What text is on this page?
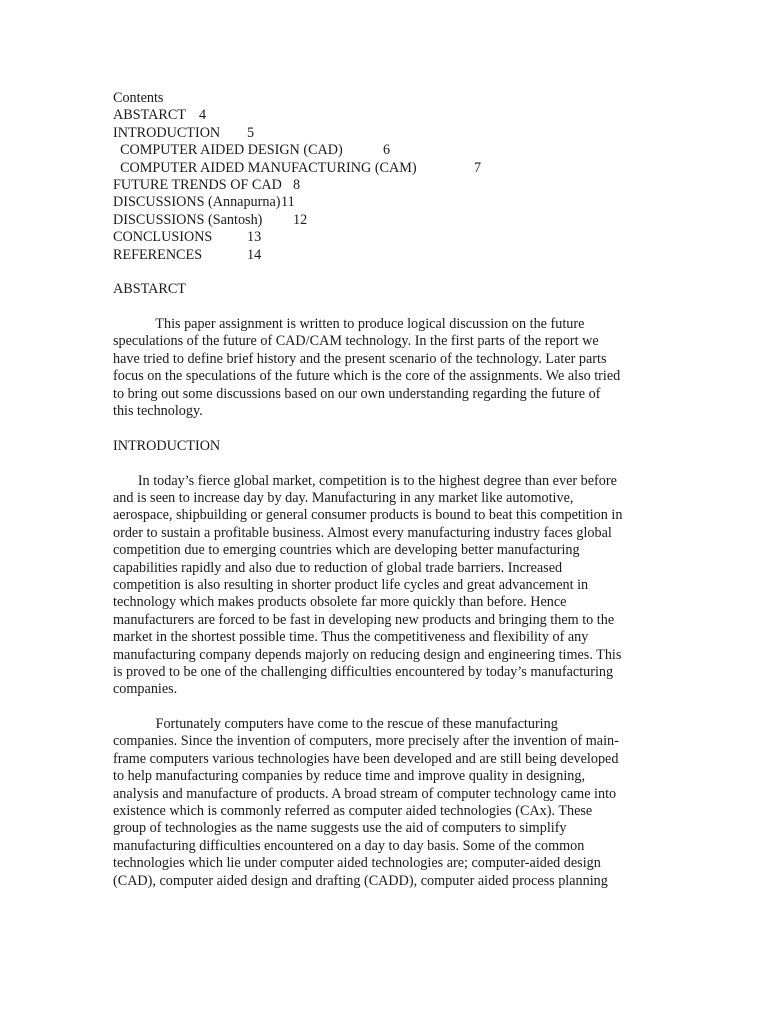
Contents
ABSTARCT 4
INTRODUCTION 5
COMPUTER AIDED DESIGN (CAD)	6
COMPUTER AIDED MANUFACTURING (CAM)	7
FUTURE TRENDS OF CAD 8
DISCUSSIONS (Annapurna)11
DISCUSSIONS (Santosh) 12
CONCLUSIONS 13
REFERENCES	14
ABSTARCT
This paper assignment is written to produce logical discussion on the future
speculations of the future of CAD/CAM technology. In the first parts of the report we
have tried to define brief history and the present scenario of the technology. Later parts
focus on the speculations of the future which is the core of the assignments. We also tried
to bring out some discussions based on our own understanding regarding the future of
this technology.
INTRODUCTION
In today’s fierce global market, competition is to the highest degree than ever before
and is seen to increase day by day. Manufacturing in any market like automotive,
aerospace, shipbuilding or general consumer products is bound to beat this competition in
order to sustain a profitable business. Almost every manufacturing industry faces global
competition due to emerging countries which are developing better manufacturing
capabilities rapidly and also due to reduction of global trade barriers. Increased
competition is also resulting in shorter product life cycles and great advancement in
technology which makes products obsolete far more quickly than before. Hence
manufacturers are forced to be fast in developing new products and bringing them to the
market in the shortest possible time. Thus the competitiveness and flexibility of any
manufacturing company depends majorly on reducing design and engineering times. This
is proved to be one of the challenging difficulties encountered by today’s manufacturing
companies.
Fortunately computers have come to the rescue of these manufacturing
companies. Since the invention of computers, more precisely after the invention of main-
frame computers various technologies have been developed and are still being developed
to help manufacturing companies by reduce time and improve quality in designing,
analysis and manufacture of products. A broad stream of computer technology came into
existence which is commonly referred as computer aided technologies (CAx). These
group of technologies as the name suggests use the aid of computers to simplify
manufacturing difficulties encountered on a day to day basis. Some of the common
technologies which lie under computer aided technologies are; computer-aided design
(CAD), computer aided design and drafting (CADD), computer aided process planning
